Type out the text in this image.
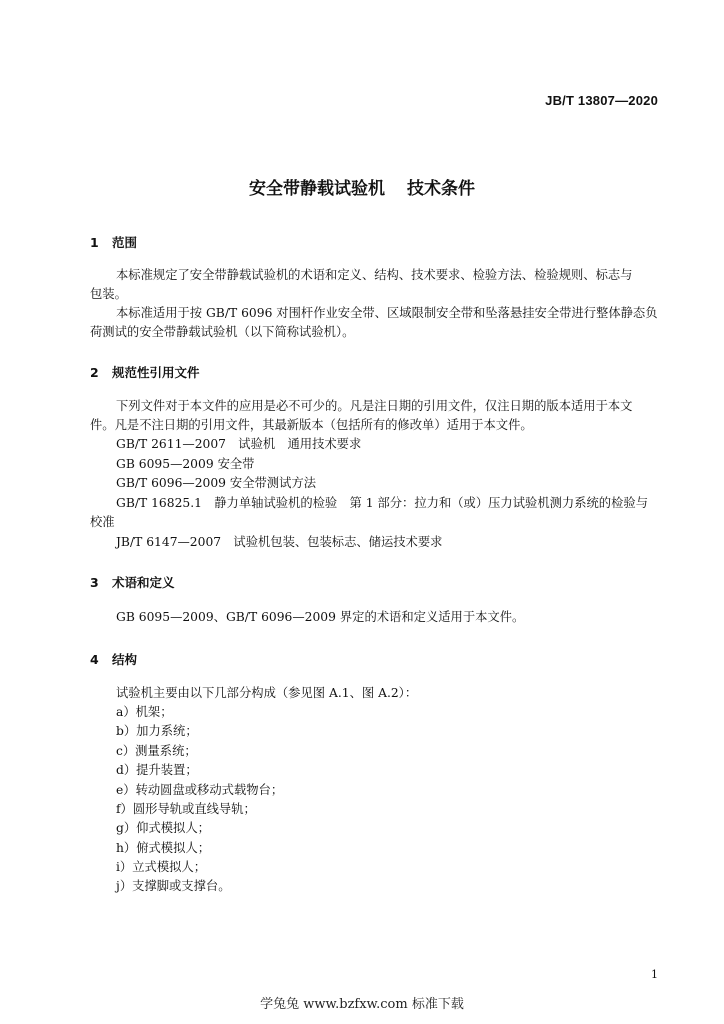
JB/T 13807—2020
安全带静载试验机 技术条件
1 范围
本标准规定了安全带静载试验机的术语和定义、结构、技术要求、检验方法、检验规则、标志与
包装。
本标准适用于按 GB/T 6096 对围杆作业安全带、区域限制安全带和坠落悬挂安全带进行整体静态负
荷测试的安全带静载试验机（以下简称试验机）。
2 规范性引用文件
下列文件对于本文件的应用是必不可少的。凡是注日期的引用文件，仅注日期的版本适用于本文
件。凡是不注日期的引用文件，其最新版本（包括所有的修改单）适用于本文件。
GB/T 2611—2007　试验机　通用技术要求
GB 6095—2009 安全带
GB/T 6096—2009 安全带测试方法
GB/T 16825.1　静力单轴试验机的检验　第 1 部分：拉力和（或）压力试验机测力系统的检验与
校准
JB/T 6147—2007　试验机包装、包装标志、储运技术要求
3 术语和定义
GB 6095—2009、GB/T 6096—2009 界定的术语和定义适用于本文件。
4 结构
试验机主要由以下几部分构成（参见图 A.1、图 A.2）：
a）机架；
b）加力系统；
c）测量系统；
d）提升装置；
e）转动圆盘或移动式载物台；
f）圆形导轨或直线导轨；
g）仰式模拟人；
h）俯式模拟人；
i）立式模拟人；
j）支撑脚或支撑台。
1
学兔兔 www.bzfxw.com 标准下载
